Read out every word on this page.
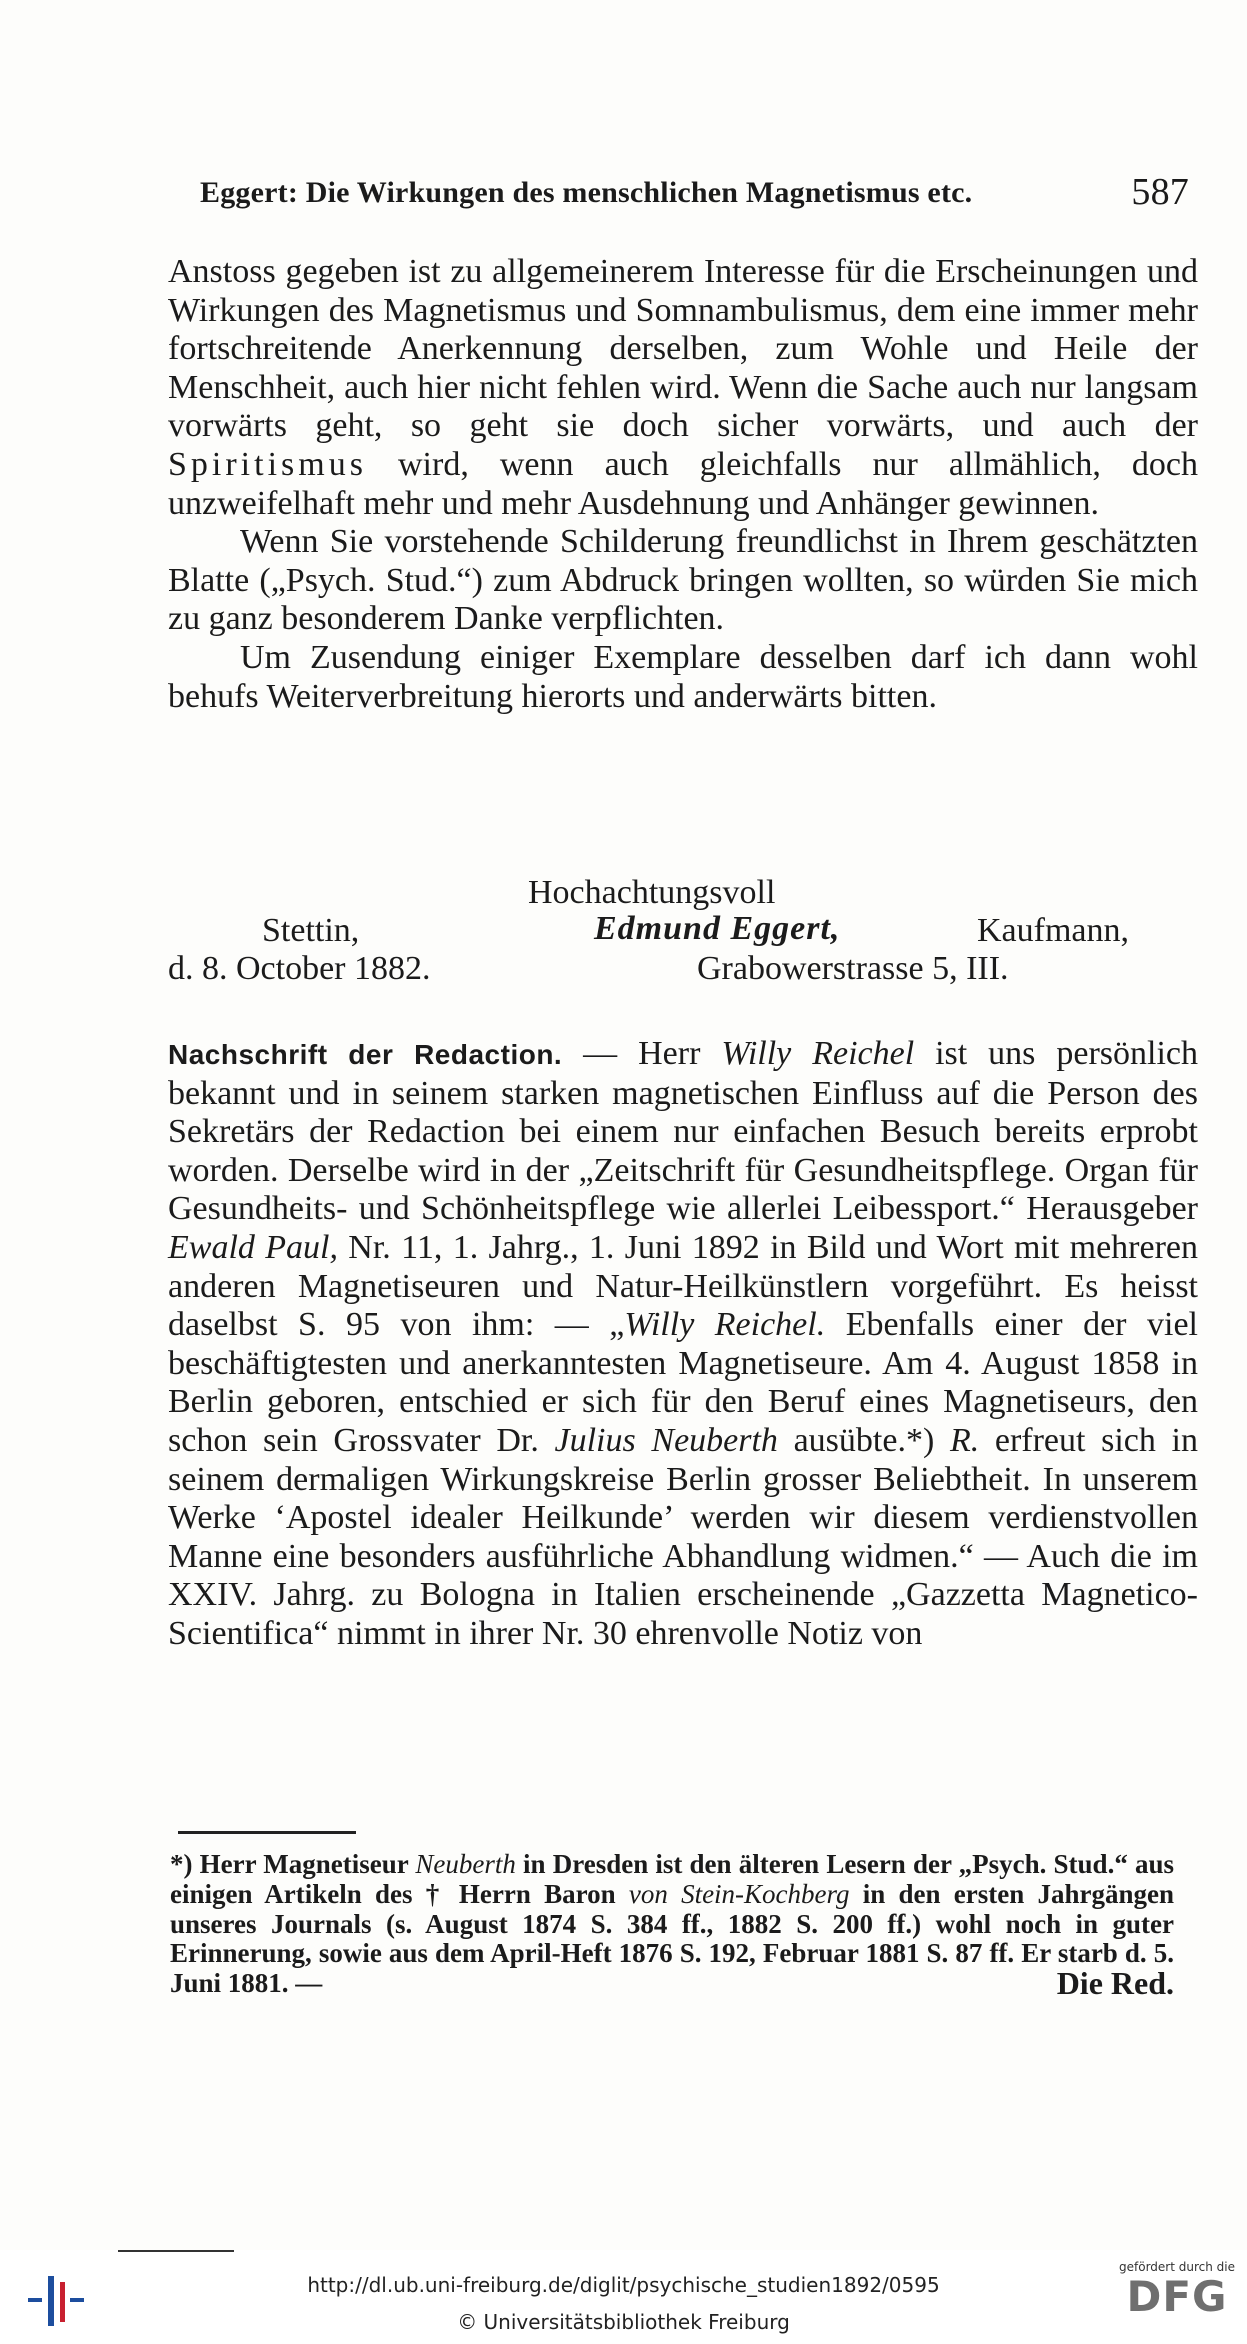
Eggert: Die Wirkungen des menschlichen Magnetismus etc.	587

Anstoss gegeben ist zu allgemeinerem Interesse für die Erscheinungen und Wirkungen des Magnetismus und Somnambulismus, dem eine immer mehr fortschreitende Anerkennung derselben, zum Wohle und Heile der Menschheit, auch hier nicht fehlen wird. Wenn die Sache auch nur langsam vorwärts geht, so geht sie doch sicher vorwärts, und auch der Spiritismus wird, wenn auch gleichfalls nur allmählich, doch unzweifelhaft mehr und mehr Ausdehnung und Anhänger gewinnen.

Wenn Sie vorstehende Schilderung freundlichst in Ihrem geschätzten Blatte („Psych. Stud.“) zum Abdruck bringen wollten, so würden Sie mich zu ganz besonderem Danke verpflichten.

Um Zusendung einiger Exemplare desselben darf ich dann wohl behufs Weiterverbreitung hierorts und anderwärts bitten.

Hochachtungsvoll
Stettin,	Edmund Eggert,	Kaufmann,
d. 8. October 1882.	Grabowerstrasse 5, III.

Nachschrift der Redaction. — Herr Willy Reichel ist uns persönlich bekannt und in seinem starken magnetischen Einfluss auf die Person des Sekretärs der Redaction bei einem nur einfachen Besuch bereits erprobt worden. Derselbe wird in der „Zeitschrift für Gesundheitspflege. Organ für Gesundheits- und Schönheitspflege wie allerlei Leibessport.“ Herausgeber Ewald Paul, Nr. 11, 1. Jahrg., 1. Juni 1892 in Bild und Wort mit mehreren anderen Magnetiseuren und Natur-Heilkünstlern vorgeführt. Es heisst daselbst S. 95 von ihm: — „Willy Reichel. Ebenfalls einer der viel beschäftigtesten und anerkanntesten Magnetiseure. Am 4. August 1858 in Berlin geboren, entschied er sich für den Beruf eines Magnetiseurs, den schon sein Grossvater Dr. Julius Neuberth ausübte.*) R. erfreut sich in seinem dermaligen Wirkungskreise Berlin grosser Beliebtheit. In unserem Werke ‘Apostel idealer Heilkunde’ werden wir diesem verdienstvollen Manne eine besonders ausführliche Abhandlung widmen.“ — Auch die im XXIV. Jahrg. zu Bologna in Italien erscheinende „Gazzetta Magnetico-Scientifica“ nimmt in ihrer Nr. 30 ehrenvolle Notiz von

*) Herr Magnetiseur Neuberth in Dresden ist den älteren Lesern der „Psych. Stud.“ aus einigen Artikeln des † Herrn Baron von Stein-Kochberg in den ersten Jahrgängen unseres Journals (s. August 1874 S. 384 ff., 1882 S. 200 ff.) wohl noch in guter Erinnerung, sowie aus dem April-Heft 1876 S. 192, Februar 1881 S. 87 ff. Er starb d. 5. Juni 1881. —	Die Red.
http://dl.ub.uni-freiburg.de/diglit/psychische_studien1892/0595
© Universitätsbibliothek Freiburg
gefördert durch die
DFG
